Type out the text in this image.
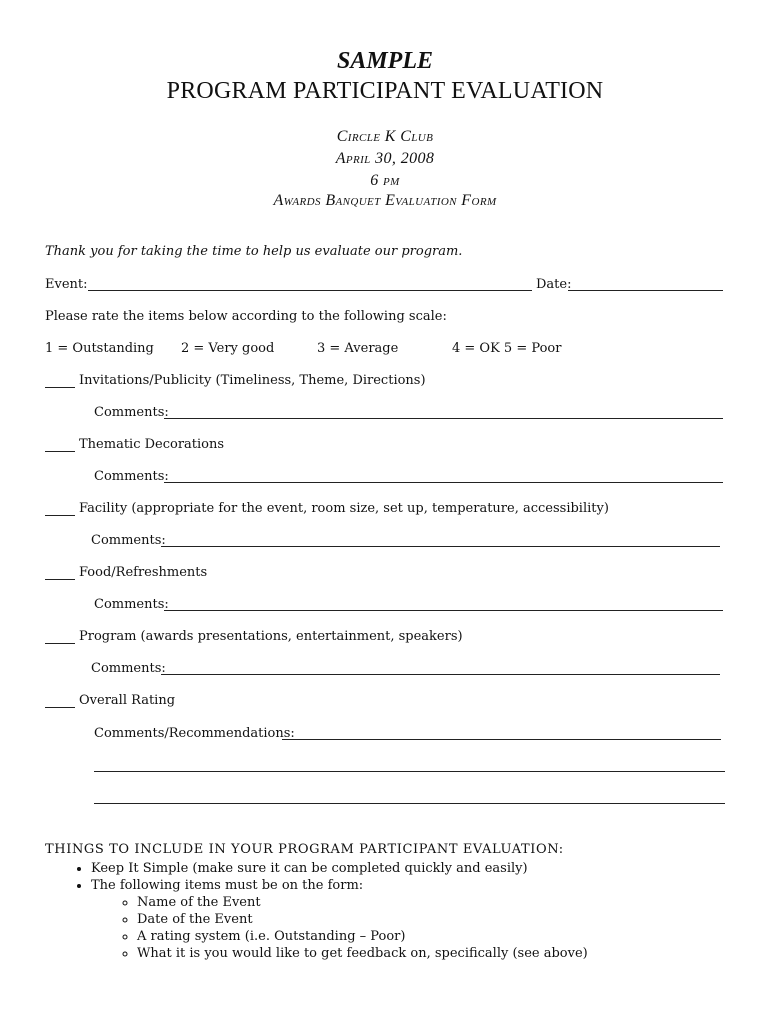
SAMPLE
PROGRAM PARTICIPANT EVALUATION
Circle K Club
April 30, 2008
6 pm
Awards Banquet Evaluation Form
Thank you for taking the time to help us evaluate our program.
Event:	Date:
Please rate the items below according to the following scale:
1 = Outstanding 2 = Very good	3 = Average	4 = OK 5 = Poor
Invitations/Publicity (Timeliness, Theme, Directions)
Comments:
Thematic Decorations
Comments:
Facility (appropriate for the event, room size, set up, temperature, accessibility)
Comments:
Food/Refreshments
Comments:
Program (awards presentations, entertainment, speakers)
Comments:
Overall Rating
Comments/Recommendations:
THINGS TO INCLUDE IN YOUR PROGRAM PARTICIPANT EVALUATION:
• Keep It Simple (make sure it can be completed quickly and easily)
• The following items must be on the form:
◦ Name of the Event
◦ Date of the Event
◦ A rating system (i.e. Outstanding – Poor)
◦ What it is you would like to get feedback on, specifically (see above)
